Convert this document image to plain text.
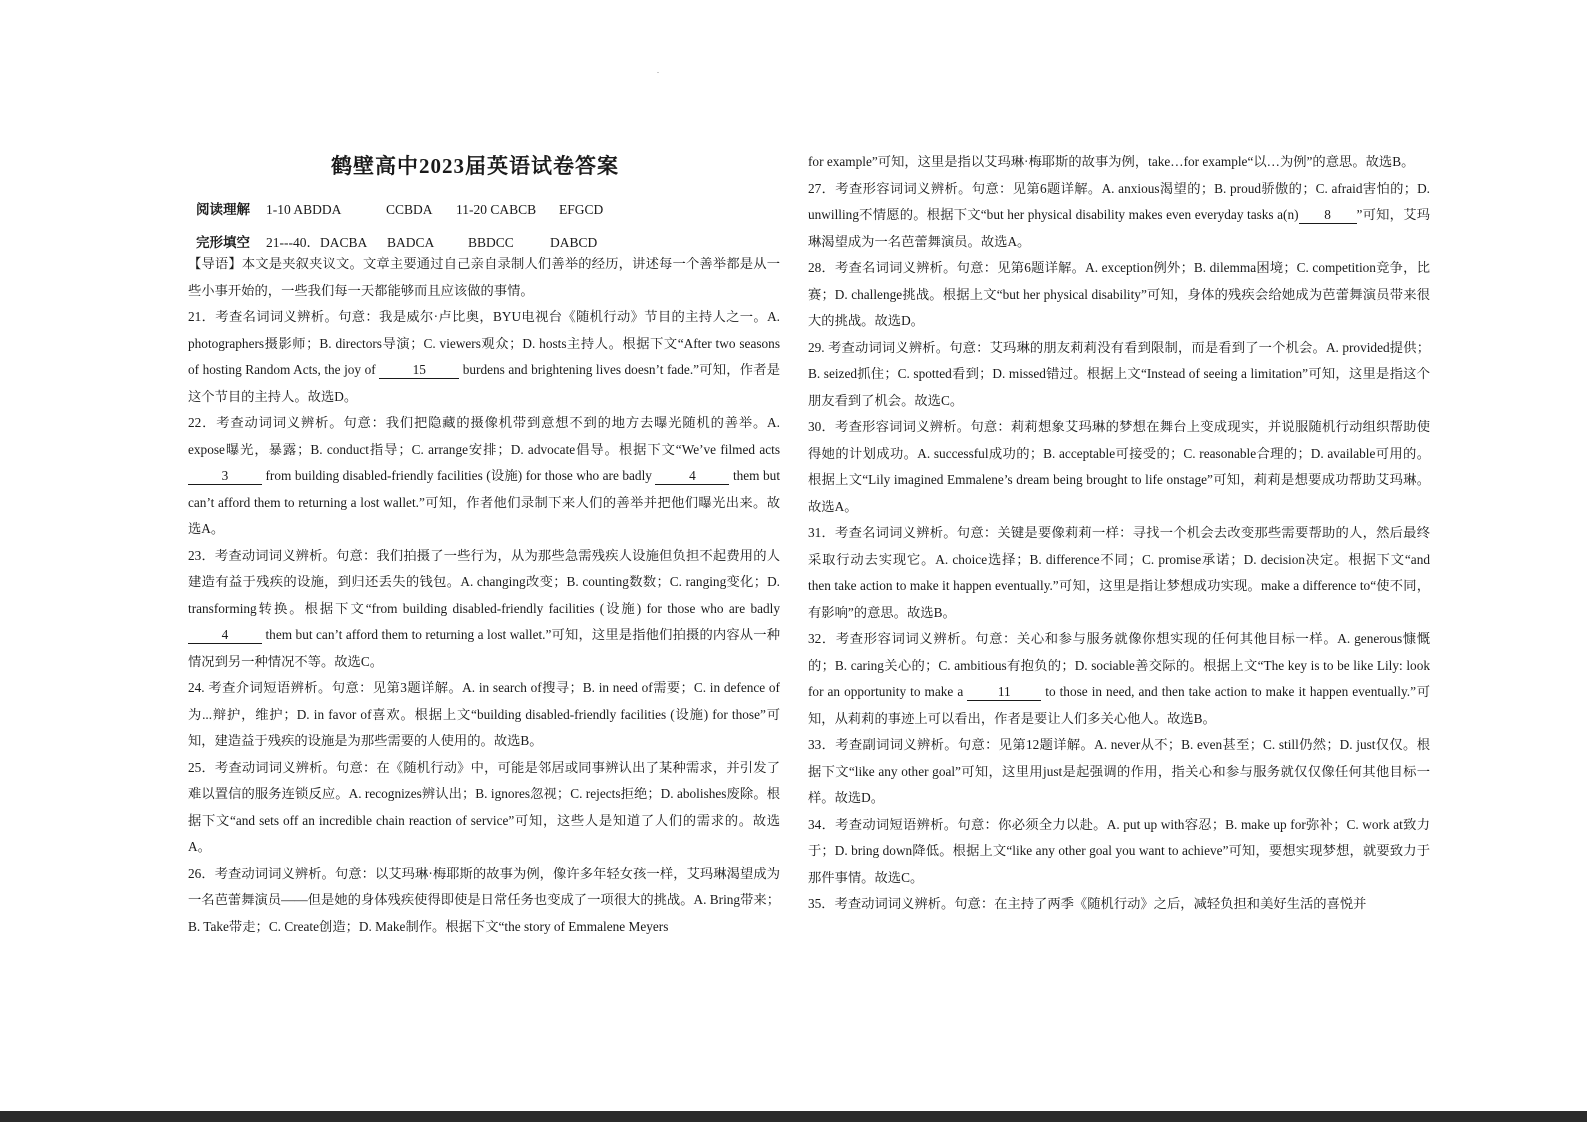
.
鹤壁高中2023届英语试卷答案
阅读理解 1-10 ABDDA	CCBDA 11-20 CABCB EFGCD
完形填空 21---40．DACBA BADCA BBDCC	DABCD

【导语】本文是夹叙夹议文。文章主要通过自己亲自录制人们善举的经历，讲述每一个善举都是从一些小事开始的，一些我们每一天都能够而且应该做的事情。

21．考查名词词义辨析。句意：我是威尔·卢比奥，BYU电视台《随机行动》节目的主持人之一。A. photographers摄影师；B. directors导演；C. viewers观众；D. hosts主持人。根据下文“After two seasons of hosting Random Acts, the joy of	15	burdens and brightening lives doesn’t fade.”可知，作者是这个节目的主持人。故选D。

22．考查动词词义辨析。句意：我们把隐藏的摄像机带到意想不到的地方去曝光随机的善举。A. expose曝光，暴露；B. conduct指导；C. arrange安排；D. advocate倡导。根据下文“We’ve filmed acts 3	from building disabled-friendly facilities (设施) for those who are badly	4	them but can’t afford them to returning a lost wallet.”可知，作者他们录制下来人们的善举并把他们曝光出来。故选A。

23．考查动词词义辨析。句意：我们拍摄了一些行为，从为那些急需残疾人设施但负担不起费用的人建造有益于残疾的设施，到归还丢失的钱包。A. changing改变；B. counting数数；C. ranging变化；D. transforming转换。根据下文“from building disabled-friendly facilities (设施) for those who are badly 4	them but can’t afford them to returning a lost wallet.”可知，这里是指他们拍摄的内容从一种情况到另一种情况不等。故选C。

24. 考查介词短语辨析。句意：见第3题详解。A. in search of搜寻；B. in need of需要；C. in defence of为...辩护，维护；D. in favor of喜欢。根据上文“building disabled-friendly facilities (设施) for those”可知，建造益于残疾的设施是为那些需要的人使用的。故选B。

25．考查动词词义辨析。句意：在《随机行动》中，可能是邻居或同事辨认出了某种需求，并引发了难以置信的服务连锁反应。A. recognizes辨认出；B. ignores忽视；C. rejects拒绝；D. abolishes废除。根据下文“and sets off an incredible chain reaction of service”可知，这些人是知道了人们的需求的。故选A。

26．考查动词词义辨析。句意：以艾玛琳·梅耶斯的故事为例，像许多年轻女孩一样，艾玛琳渴望成为一名芭蕾舞演员——但是她的身体残疾使得即使是日常任务也变成了一项很大的挑战。A. Bring带来；B. Take带走；C. Create创造；D. Make制作。根据下文“the story of Emmalene Meyers

for example”可知，这里是指以艾玛琳·梅耶斯的故事为例，take…for example“以…为例”的意思。故选B。

27．考查形容词词义辨析。句意：见第6题详解。A. anxious渴望的；B. proud骄傲的；C. afraid害怕的；D. unwilling不情愿的。根据下文“but her physical disability makes even everyday tasks a(n) 8 ”可知，艾玛琳渴望成为一名芭蕾舞演员。故选A。

28．考查名词词义辨析。句意：见第6题详解。A. exception例外；B. dilemma困境；C. competition竞争，比赛；D. challenge挑战。根据上文“but her physical disability”可知，身体的残疾会给她成为芭蕾舞演员带来很大的挑战。故选D。

29. 考查动词词义辨析。句意：艾玛琳的朋友莉莉没有看到限制，而是看到了一个机会。A. provided提供；B. seized抓住；C. spotted看到；D. missed错过。根据上文“Instead of seeing a limitation”可知，这里是指这个朋友看到了机会。故选C。

30．考查形容词词义辨析。句意：莉莉想象艾玛琳的梦想在舞台上变成现实，并说服随机行动组织帮助使得她的计划成功。A. successful成功的；B. acceptable可接受的；C. reasonable合理的；D. available可用的。根据上文“Lily imagined Emmalene’s dream being brought to life onstage”可知，莉莉是想要成功帮助艾玛琳。故选A。

31．考查名词词义辨析。句意：关键是要像莉莉一样：寻找一个机会去改变那些需要帮助的人，然后最终采取行动去实现它。A. choice选择；B. difference不同；C. promise承诺；D. decision决定。根据下文“and then take action to make it happen eventually.”可知，这里是指让梦想成功实现。make a difference to“使不同，有影响”的意思。故选B。

32．考查形容词词义辨析。句意：关心和参与服务就像你想实现的任何其他目标一样。A. generous慷慨的；B. caring关心的；C. ambitious有抱负的；D. sociable善交际的。根据上文“The key is to be like Lily: look for an opportunity to make a	11	to those in need, and then take action to make it happen eventually.”可知，从莉莉的事迹上可以看出，作者是要让人们多关心他人。故选B。

33．考查副词词义辨析。句意：见第12题详解。A. never从不；B. even甚至；C. still仍然；D. just仅仅。根据下文“like any other goal”可知，这里用just是起强调的作用，指关心和参与服务就仅仅像任何其他目标一样。故选D。

34．考查动词短语辨析。句意：你必须全力以赴。A. put up with容忍；B. make up for弥补；C. work at致力于；D. bring down降低。根据上文“like any other goal you want to achieve”可知，要想实现梦想，就要致力于那件事情。故选C。

35．考查动词词义辨析。句意：在主持了两季《随机行动》之后，减轻负担和美好生活的喜悦并
